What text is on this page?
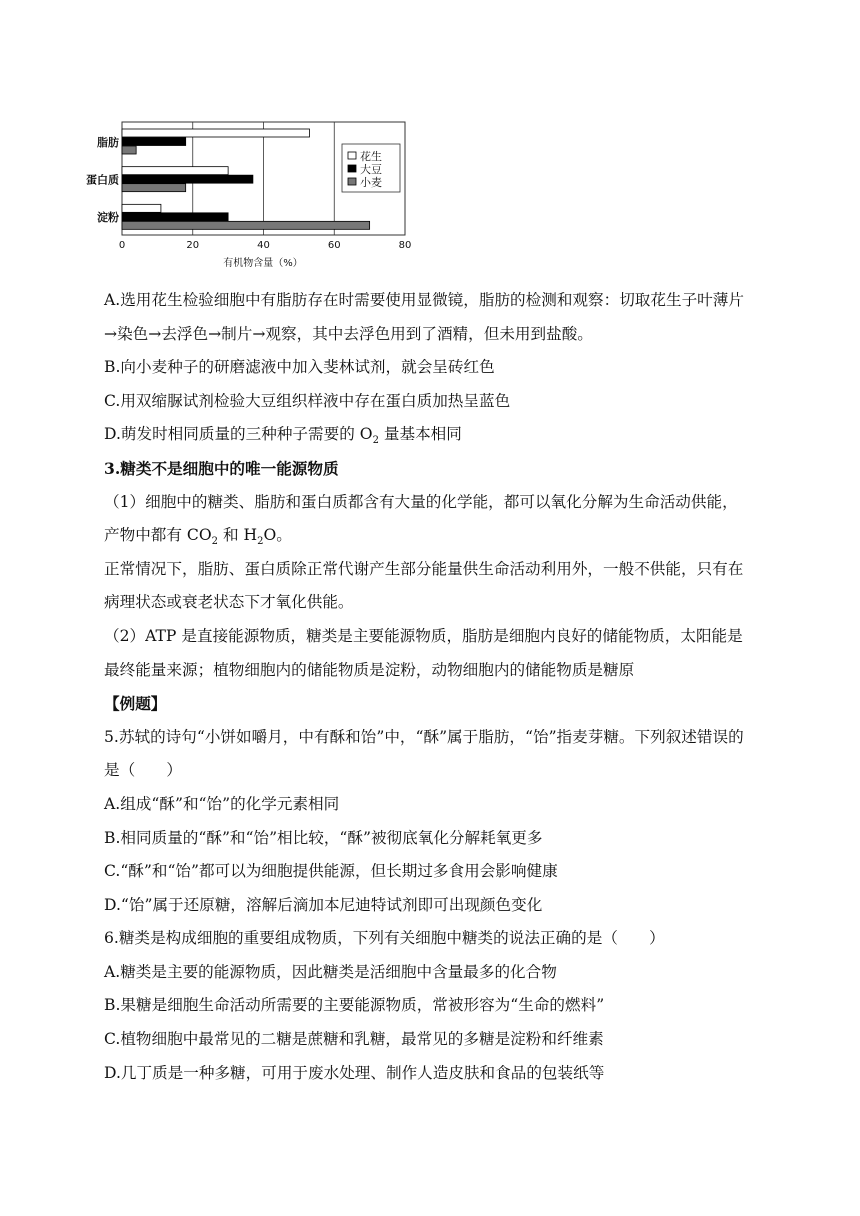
脂肪
蛋白质
淀粉
0	20	40	60	80
有机物含量（%）
花生
大豆
小麦
A.选用花生检验细胞中有脂肪存在时需要使用显微镜，脂肪的检测和观察：切取花生子叶薄片
→染色→去浮色→制片→观察，其中去浮色用到了酒精，但未用到盐酸。
B.向小麦种子的研磨滤液中加入斐林试剂，就会呈砖红色
C.用双缩脲试剂检验大豆组织样液中存在蛋白质加热呈蓝色
D.萌发时相同质量的三种种子需要的 $O_2$ 量基本相同
3.糖类不是细胞中的唯一能源物质
（1）细胞中的糖类、脂肪和蛋白质都含有大量的化学能，都可以氧化分解为生命活动供能，
产物中都有 $CO_2$ 和 $H_2O$。
正常情况下，脂肪、蛋白质除正常代谢产生部分能量供生命活动利用外，一般不供能，只有在
病理状态或衰老状态下才氧化供能。
（2）ATP 是直接能源物质，糖类是主要能源物质，脂肪是细胞内良好的储能物质，太阳能是
最终能量来源；植物细胞内的储能物质是淀粉，动物细胞内的储能物质是糖原
【例题】
5.苏轼的诗句“小饼如嚼月，中有酥和饴”中，“酥”属于脂肪，“饴”指麦芽糖。下列叙述错误的
是（　　）
A.组成“酥”和“饴”的化学元素相同
B.相同质量的“酥”和“饴”相比较，“酥”被彻底氧化分解耗氧更多
C.“酥”和“饴”都可以为细胞提供能源，但长期过多食用会影响健康
D.“饴”属于还原糖，溶解后滴加本尼迪特试剂即可出现颜色变化
6.糖类是构成细胞的重要组成物质，下列有关细胞中糖类的说法正确的是（　　）
A.糖类是主要的能源物质，因此糖类是活细胞中含量最多的化合物
B.果糖是细胞生命活动所需要的主要能源物质，常被形容为“生命的燃料”
C.植物细胞中最常见的二糖是蔗糖和乳糖，最常见的多糖是淀粉和纤维素
D.几丁质是一种多糖，可用于废水处理、制作人造皮肤和食品的包装纸等
